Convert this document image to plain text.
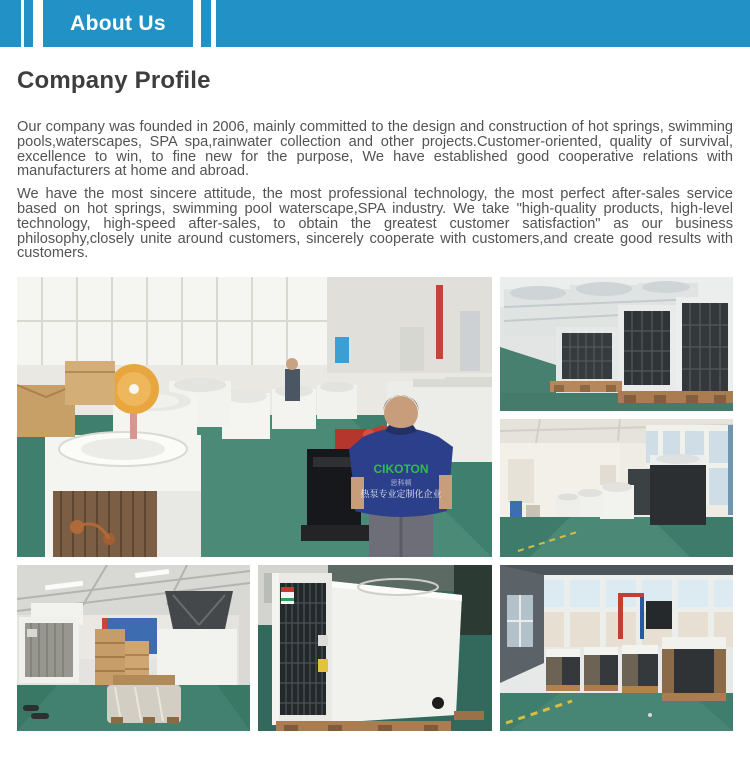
About Us
Company Profile

Our company was founded in 2006, mainly committed to the design and construction of hot springs, swimming pools,waterscapes, SPA spa,rainwater collection and other projects.Customer-oriented, quality of survival, excellence to win, to fine new for the purpose, We have established good cooperative relations with manufacturers at home and abroad.

We have the most sincere attitude, the most professional technology, the most perfect after-sales service based on hot springs, swimming pool waterscape,SPA industry. We take "high-quality products, high-level technology, high-speed after-sales, to obtain the greatest customer satisfaction" as our business philosophy,closely unite around customers, sincerely cooperate with customers,and create good results with customers.

CIKOTON
思科顿
热泵专业定制化企业
